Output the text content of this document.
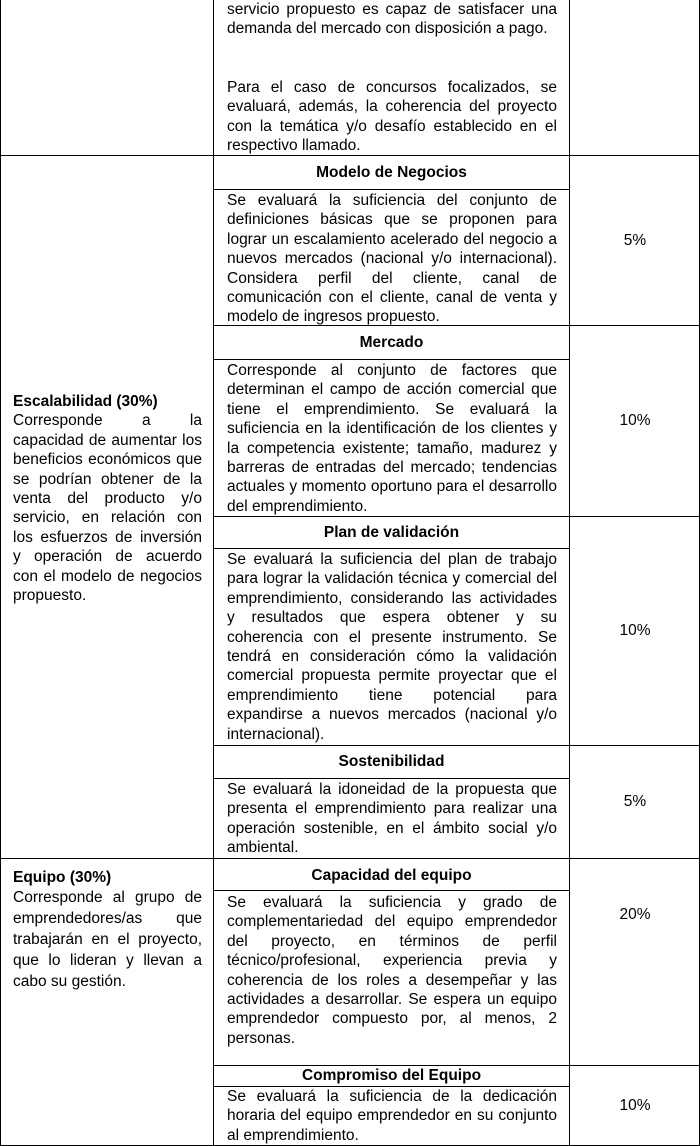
servicio propuesto es capaz de satisfacer una demanda del mercado con disposición a pago.
Para el caso de concursos focalizados, se evaluará, además, la coherencia del proyecto con la temática y/o desafío establecido en el respectivo llamado.
Escalabilidad (30%)
Corresponde a la capacidad de aumentar los beneficios económicos que se podrían obtener de la venta del producto y/o servicio, en relación con los esfuerzos de inversión y operación de acuerdo con el modelo de negocios propuesto.
Equipo (30%)
Corresponde al grupo de emprendedores/as que trabajarán en el proyecto, que lo lideran y llevan a cabo su gestión.
Modelo de Negocios
Se evaluará la suficiencia del conjunto de definiciones básicas que se proponen para lograr un escalamiento acelerado del negocio a nuevos mercados (nacional y/o internacional). Considera perfil del cliente, canal de comunicación con el cliente, canal de venta y modelo de ingresos propuesto.
5%
Mercado
Corresponde al conjunto de factores que determinan el campo de acción comercial que tiene el emprendimiento. Se evaluará la suficiencia en la identificación de los clientes y la competencia existente; tamaño, madurez y barreras de entradas del mercado; tendencias actuales y momento oportuno para el desarrollo del emprendimiento.
10%
Plan de validación
Se evaluará la suficiencia del plan de trabajo para lograr la validación técnica y comercial del emprendimiento, considerando las actividades y resultados que espera obtener y su coherencia con el presente instrumento. Se tendrá en consideración cómo la validación comercial propuesta permite proyectar que el emprendimiento tiene potencial para expandirse a nuevos mercados (nacional y/o internacional).
10%
Sostenibilidad
Se evaluará la idoneidad de la propuesta que presenta el emprendimiento para realizar una operación sostenible, en el ámbito social y/o ambiental.
5%
Capacidad del equipo
Se evaluará la suficiencia y grado de complementariedad del equipo emprendedor del proyecto, en términos de perfil técnico/profesional, experiencia previa y coherencia de los roles a desempeñar y las actividades a desarrollar. Se espera un equipo emprendedor compuesto por, al menos, 2 personas.
20%
Compromiso del Equipo
Se evaluará la suficiencia de la dedicación horaria del equipo emprendedor en su conjunto al emprendimiento.
10%
